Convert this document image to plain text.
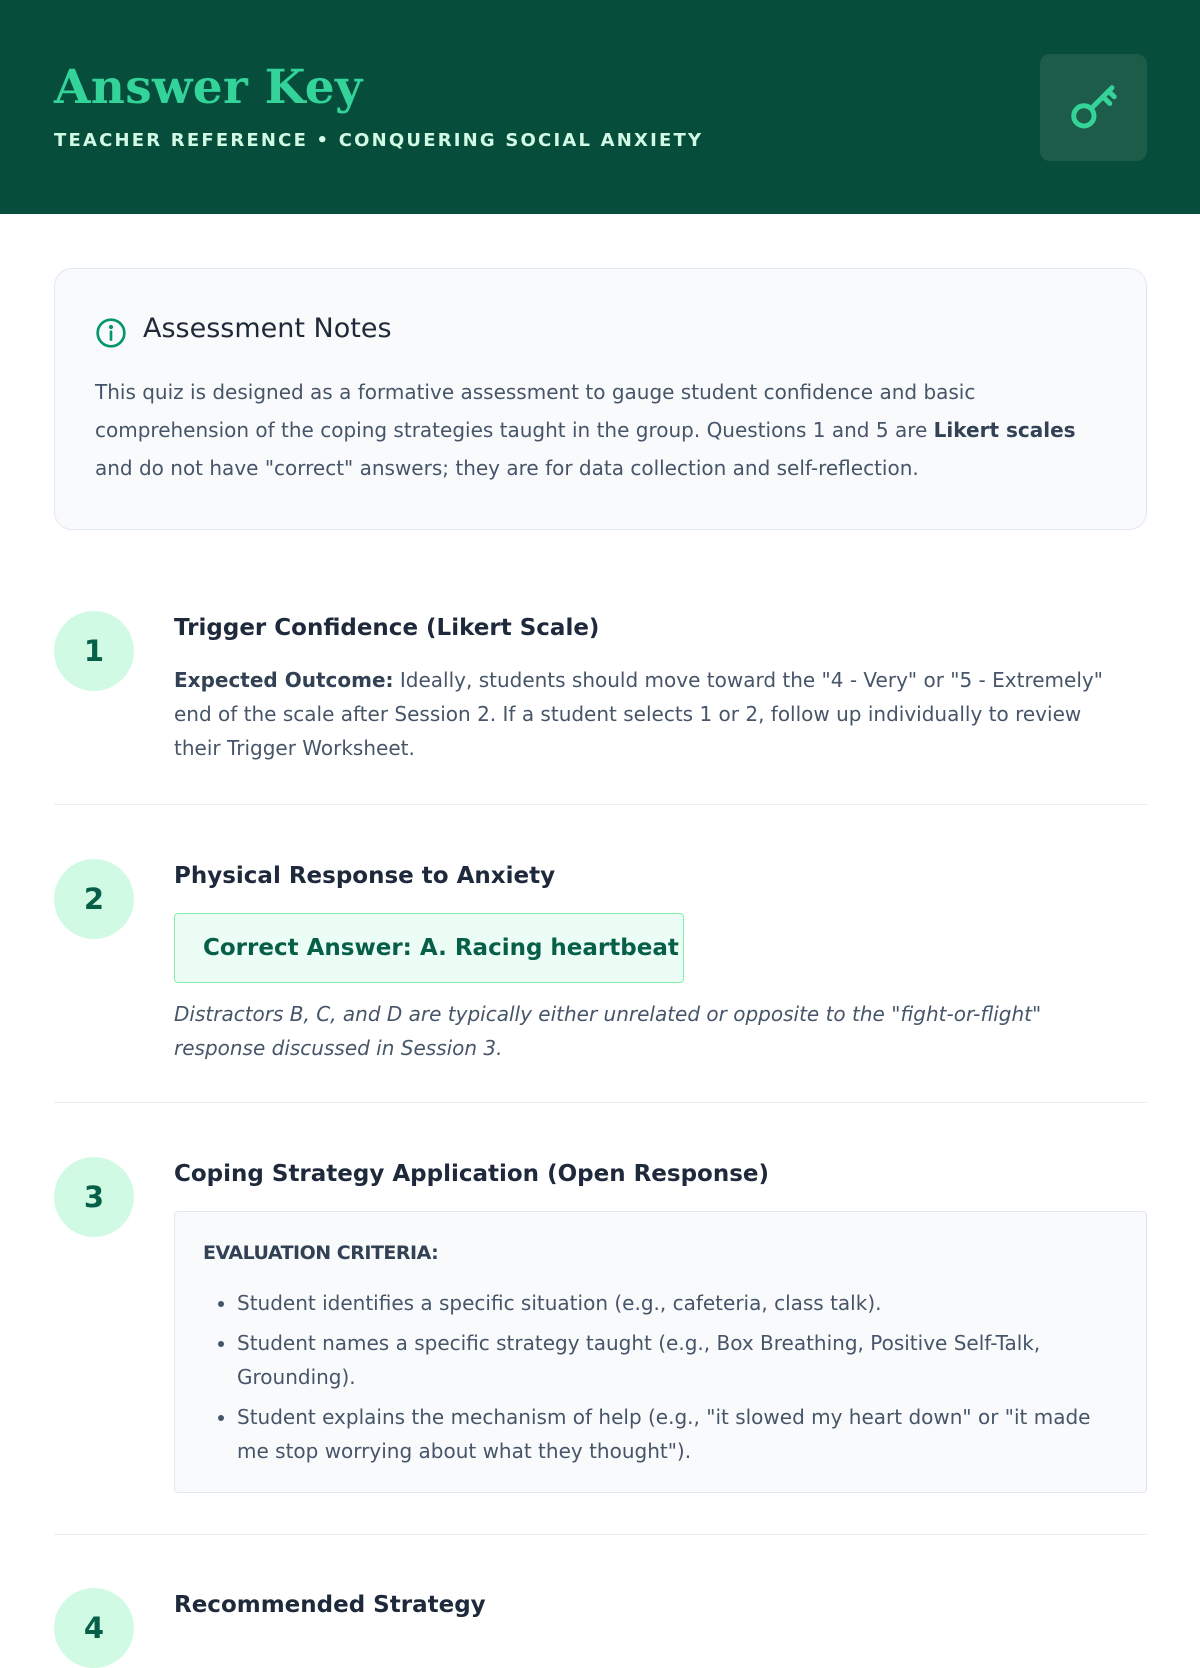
Answer Key
TEACHER REFERENCE • CONQUERING SOCIAL ANXIETY
Assessment Notes

This quiz is designed as a formative assessment to gauge student confidence and basic comprehension of the coping strategies taught in the group. Questions 1 and 5 are Likert scales and do not have "correct" answers; they are for data collection and self-reflection.

1
Trigger Confidence (Likert Scale)
Expected Outcome: Ideally, students should move toward the "4 - Very" or "5 - Extremely" end of the scale after Session 2. If a student selects 1 or 2, follow up individually to review their Trigger Worksheet.
2
Physical Response to Anxiety
Correct Answer: A. Racing heartbeat
Distractors B, C, and D are typically either unrelated or opposite to the "fight-or-flight" response discussed in Session 3.
3
Coping Strategy Application (Open Response)
EVALUATION CRITERIA:
• Student identifies a specific situation (e.g., cafeteria, class talk).
• Student names a specific strategy taught (e.g., Box Breathing, Positive Self-Talk, Grounding).
• Student explains the mechanism of help (e.g., "it slowed my heart down" or "it made me stop worrying about what they thought").
4
Recommended Strategy
